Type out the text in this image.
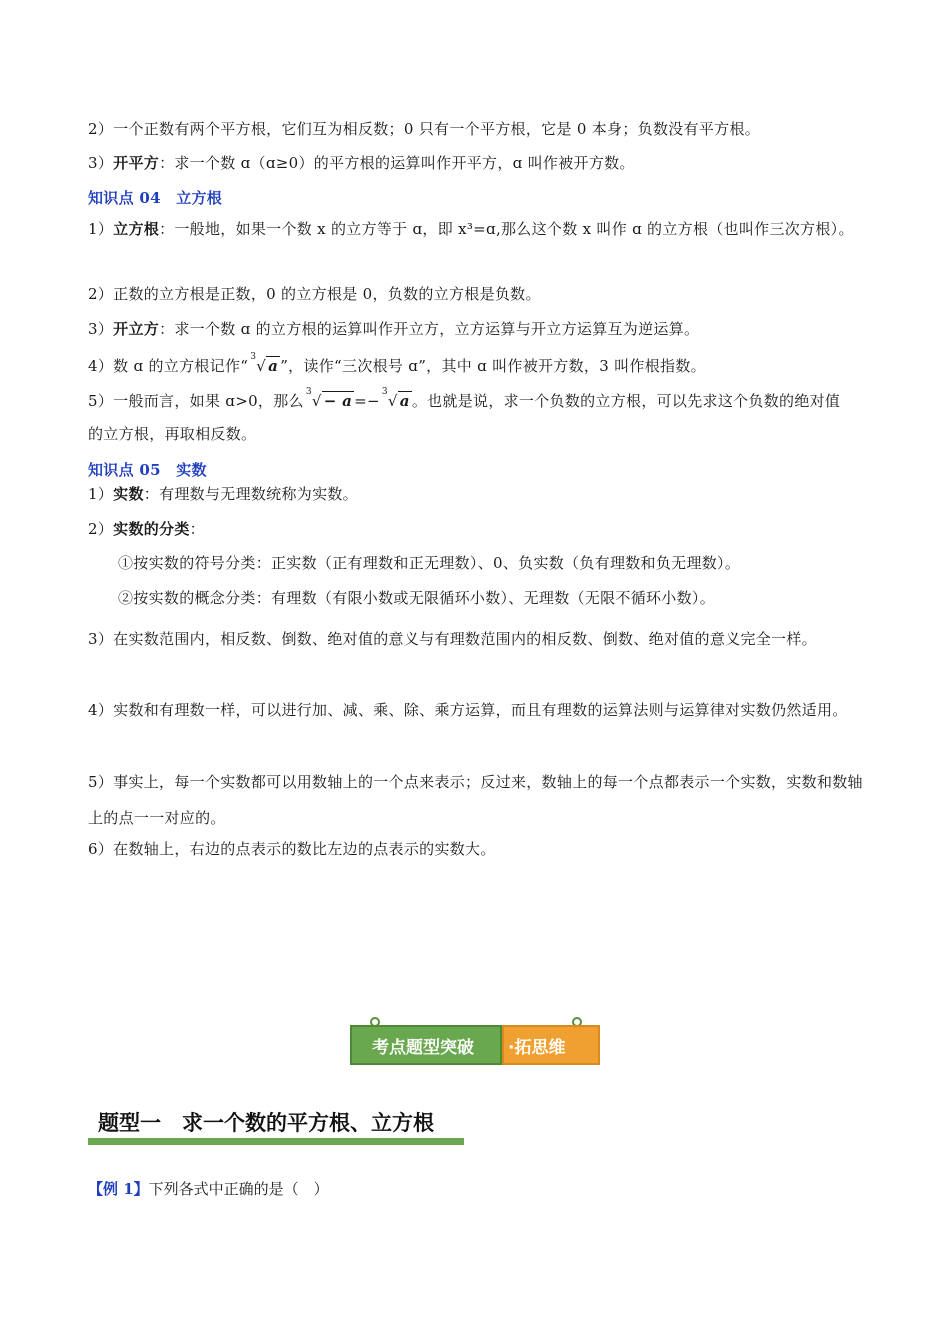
2）一个正数有两个平方根，它们互为相反数；0 只有一个平方根，它是 0 本身；负数没有平方根。
3）开平方：求一个数 ɑ（ɑ≥0）的平方根的运算叫作开平方，ɑ 叫作被开方数。
知识点 04　立方根
1）立方根：一般地，如果一个数 x 的立方等于 ɑ，即 x³=ɑ,那么这个数 x 叫作 ɑ 的立方根（也叫作三次方根）。
2）正数的立方根是正数，0 的立方根是 0，负数的立方根是负数。
3）开立方：求一个数 ɑ 的立方根的运算叫作开立方，立方运算与开立方运算互为逆运算。
4）数 ɑ 的立方根记作“ $^3$√ a ”，读作“三次根号 ɑ”，其中 ɑ 叫作被开方数，3 叫作根指数。
5）一般而言，如果 ɑ>0，那么 $^3$√ − a =− $^3$√ a 。也就是说，求一个负数的立方根，可以先求这个负数的绝对值
的立方根，再取相反数。
知识点 05　实数
1）实数：有理数与无理数统称为实数。
2）实数的分类：
①按实数的符号分类：正实数（正有理数和正无理数）、0、负实数（负有理数和负无理数）。
②按实数的概念分类：有理数（有限小数或无限循环小数）、无理数（无限不循环小数）。
3）在实数范围内，相反数、倒数、绝对值的意义与有理数范围内的相反数、倒数、绝对值的意义完全一样。
4）实数和有理数一样，可以进行加、减、乘、除、乘方运算，而且有理数的运算法则与运算律对实数仍然适用。
5）事实上，每一个实数都可以用数轴上的一个点来表示；反过来，数轴上的每一个点都表示一个实数，实数和数轴上的点一一对应的。
6）在数轴上，右边的点表示的数比左边的点表示的实数大。
考点题型突破 ·拓思维
题型一　求一个数的平方根、立方根
【例 1】下列各式中正确的是（　）
